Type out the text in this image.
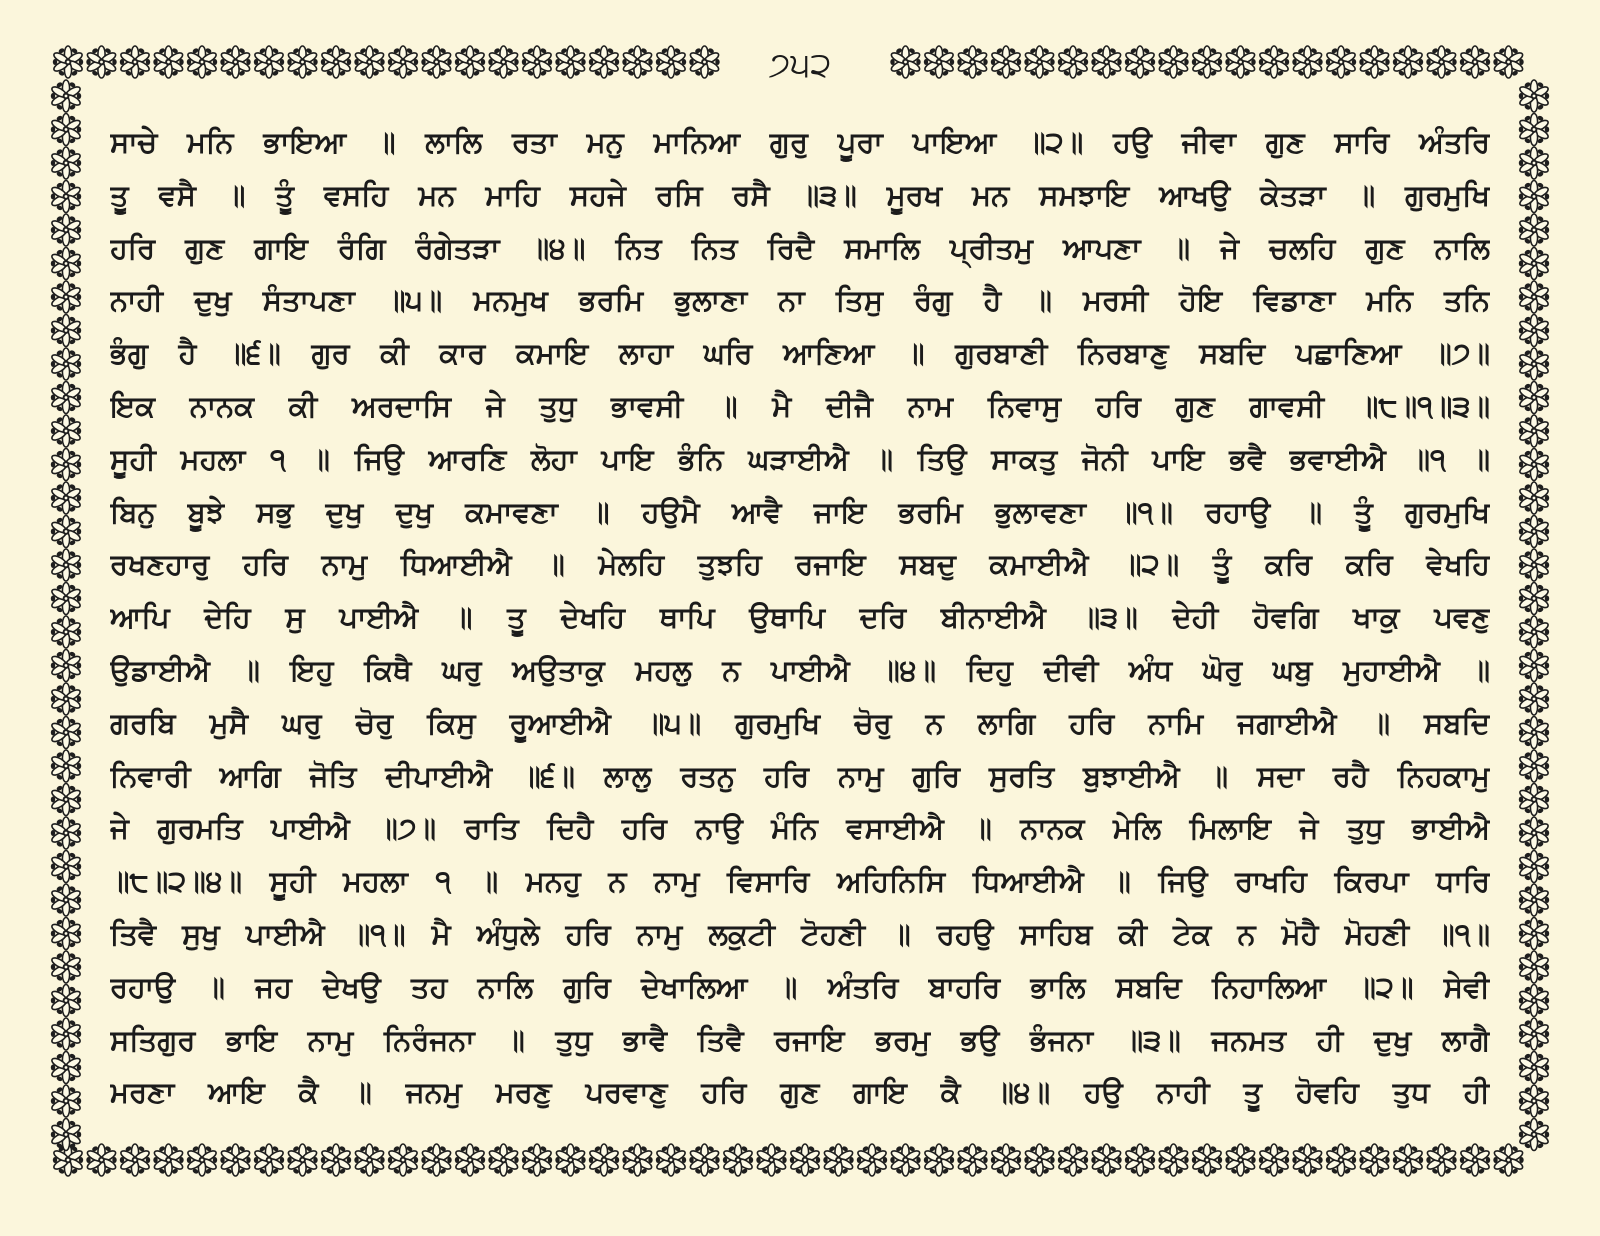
੭੫੨
ਸਾਚੇ ਮਨਿ ਭਾਇਆ ॥ ਲਾਲਿ ਰਤਾ ਮਨੁ ਮਾਨਿਆ ਗੁਰੁ ਪੂਰਾ ਪਾਇਆ ॥੨॥ ਹਉ ਜੀਵਾ ਗੁਣ ਸਾਰਿ ਅੰਤਰਿ
ਤੂ ਵਸੈ ॥ ਤੂੰ ਵਸਹਿ ਮਨ ਮਾਹਿ ਸਹਜੇ ਰਸਿ ਰਸੈ ॥੩॥ ਮੂਰਖ ਮਨ ਸਮਝਾਇ ਆਖਉ ਕੇਤੜਾ ॥ ਗੁਰਮੁਖਿ
ਹਰਿ ਗੁਣ ਗਾਇ ਰੰਗਿ ਰੰਗੇਤੜਾ ॥੪॥ ਨਿਤ ਨਿਤ ਰਿਦੈ ਸਮਾਲਿ ਪ੍ਰੀਤਮੁ ਆਪਣਾ ॥ ਜੇ ਚਲਹਿ ਗੁਣ ਨਾਲਿ
ਨਾਹੀ ਦੁਖੁ ਸੰਤਾਪਣਾ ॥੫॥ ਮਨਮੁਖ ਭਰਮਿ ਭੁਲਾਣਾ ਨਾ ਤਿਸੁ ਰੰਗੁ ਹੈ ॥ ਮਰਸੀ ਹੋਇ ਵਿਡਾਣਾ ਮਨਿ ਤਨਿ
ਭੰਗੁ ਹੈ ॥੬॥ ਗੁਰ ਕੀ ਕਾਰ ਕਮਾਇ ਲਾਹਾ ਘਰਿ ਆਣਿਆ ॥ ਗੁਰਬਾਣੀ ਨਿਰਬਾਣੁ ਸਬਦਿ ਪਛਾਣਿਆ ॥੭॥
ਇਕ ਨਾਨਕ ਕੀ ਅਰਦਾਸਿ ਜੇ ਤੁਧੁ ਭਾਵਸੀ ॥ ਮੈ ਦੀਜੈ ਨਾਮ ਨਿਵਾਸੁ ਹਰਿ ਗੁਣ ਗਾਵਸੀ ॥੮॥੧॥੩॥
ਸੂਹੀ ਮਹਲਾ ੧ ॥ ਜਿਉ ਆਰਣਿ ਲੋਹਾ ਪਾਇ ਭੰਨਿ ਘੜਾਈਐ ॥ ਤਿਉ ਸਾਕਤੁ ਜੋਨੀ ਪਾਇ ਭਵੈ ਭਵਾਈਐ ॥੧ ॥
ਬਿਨੁ ਬੂਝੇ ਸਭੁ ਦੁਖੁ ਦੁਖੁ ਕਮਾਵਣਾ ॥ ਹਉਮੈ ਆਵੈ ਜਾਇ ਭਰਮਿ ਭੁਲਾਵਣਾ ॥੧॥ ਰਹਾਉ ॥ ਤੂੰ ਗੁਰਮੁਖਿ
ਰਖਣਹਾਰੁ ਹਰਿ ਨਾਮੁ ਧਿਆਈਐ ॥ ਮੇਲਹਿ ਤੁਝਹਿ ਰਜਾਇ ਸਬਦੁ ਕਮਾਈਐ ॥੨॥ ਤੂੰ ਕਰਿ ਕਰਿ ਵੇਖਹਿ
ਆਪਿ ਦੇਹਿ ਸੁ ਪਾਈਐ ॥ ਤੂ ਦੇਖਹਿ ਥਾਪਿ ਉਥਾਪਿ ਦਰਿ ਬੀਨਾਈਐ ॥੩॥ ਦੇਹੀ ਹੋਵਗਿ ਖਾਕੁ ਪਵਣੁ
ਉਡਾਈਐ ॥ ਇਹੁ ਕਿਥੈ ਘਰੁ ਅਉਤਾਕੁ ਮਹਲੁ ਨ ਪਾਈਐ ॥੪॥ ਦਿਹੁ ਦੀਵੀ ਅੰਧ ਘੋਰੁ ਘਬੁ ਮੁਹਾਈਐ ॥
ਗਰਬਿ ਮੁਸੈ ਘਰੁ ਚੋਰੁ ਕਿਸੁ ਰੂਆਈਐ ॥੫॥ ਗੁਰਮੁਖਿ ਚੋਰੁ ਨ ਲਾਗਿ ਹਰਿ ਨਾਮਿ ਜਗਾਈਐ ॥ ਸਬਦਿ
ਨਿਵਾਰੀ ਆਗਿ ਜੋਤਿ ਦੀਪਾਈਐ ॥੬॥ ਲਾਲੁ ਰਤਨੁ ਹਰਿ ਨਾਮੁ ਗੁਰਿ ਸੁਰਤਿ ਬੁਝਾਈਐ ॥ ਸਦਾ ਰਹੈ ਨਿਹਕਾਮੁ
ਜੇ ਗੁਰਮਤਿ ਪਾਈਐ ॥੭॥ ਰਾਤਿ ਦਿਹੈ ਹਰਿ ਨਾਉ ਮੰਨਿ ਵਸਾਈਐ ॥ ਨਾਨਕ ਮੇਲਿ ਮਿਲਾਇ ਜੇ ਤੁਧੁ ਭਾਈਐ
॥੮॥੨॥੪॥ ਸੂਹੀ ਮਹਲਾ ੧ ॥ ਮਨਹੁ ਨ ਨਾਮੁ ਵਿਸਾਰਿ ਅਹਿਨਿਸਿ ਧਿਆਈਐ ॥ ਜਿਉ ਰਾਖਹਿ ਕਿਰਪਾ ਧਾਰਿ
ਤਿਵੈ ਸੁਖੁ ਪਾਈਐ ॥੧॥ ਮੈ ਅੰਧੁਲੇ ਹਰਿ ਨਾਮੁ ਲਕੁਟੀ ਟੋਹਣੀ ॥ ਰਹਉ ਸਾਹਿਬ ਕੀ ਟੇਕ ਨ ਮੋਹੈ ਮੋਹਣੀ ॥੧॥
ਰਹਾਉ ॥ ਜਹ ਦੇਖਉ ਤਹ ਨਾਲਿ ਗੁਰਿ ਦੇਖਾਲਿਆ ॥ ਅੰਤਰਿ ਬਾਹਰਿ ਭਾਲਿ ਸਬਦਿ ਨਿਹਾਲਿਆ ॥੨॥ ਸੇਵੀ
ਸਤਿਗੁਰ ਭਾਇ ਨਾਮੁ ਨਿਰੰਜਨਾ ॥ ਤੁਧੁ ਭਾਵੈ ਤਿਵੈ ਰਜਾਇ ਭਰਮੁ ਭਉ ਭੰਜਨਾ ॥੩॥ ਜਨਮਤ ਹੀ ਦੁਖੁ ਲਾਗੈ
ਮਰਣਾ ਆਇ ਕੈ ॥ ਜਨਮੁ ਮਰਣੁ ਪਰਵਾਣੁ ਹਰਿ ਗੁਣ ਗਾਇ ਕੈ ॥੪॥ ਹਉ ਨਾਹੀ ਤੂ ਹੋਵਹਿ ਤੁਧ ਹੀ
